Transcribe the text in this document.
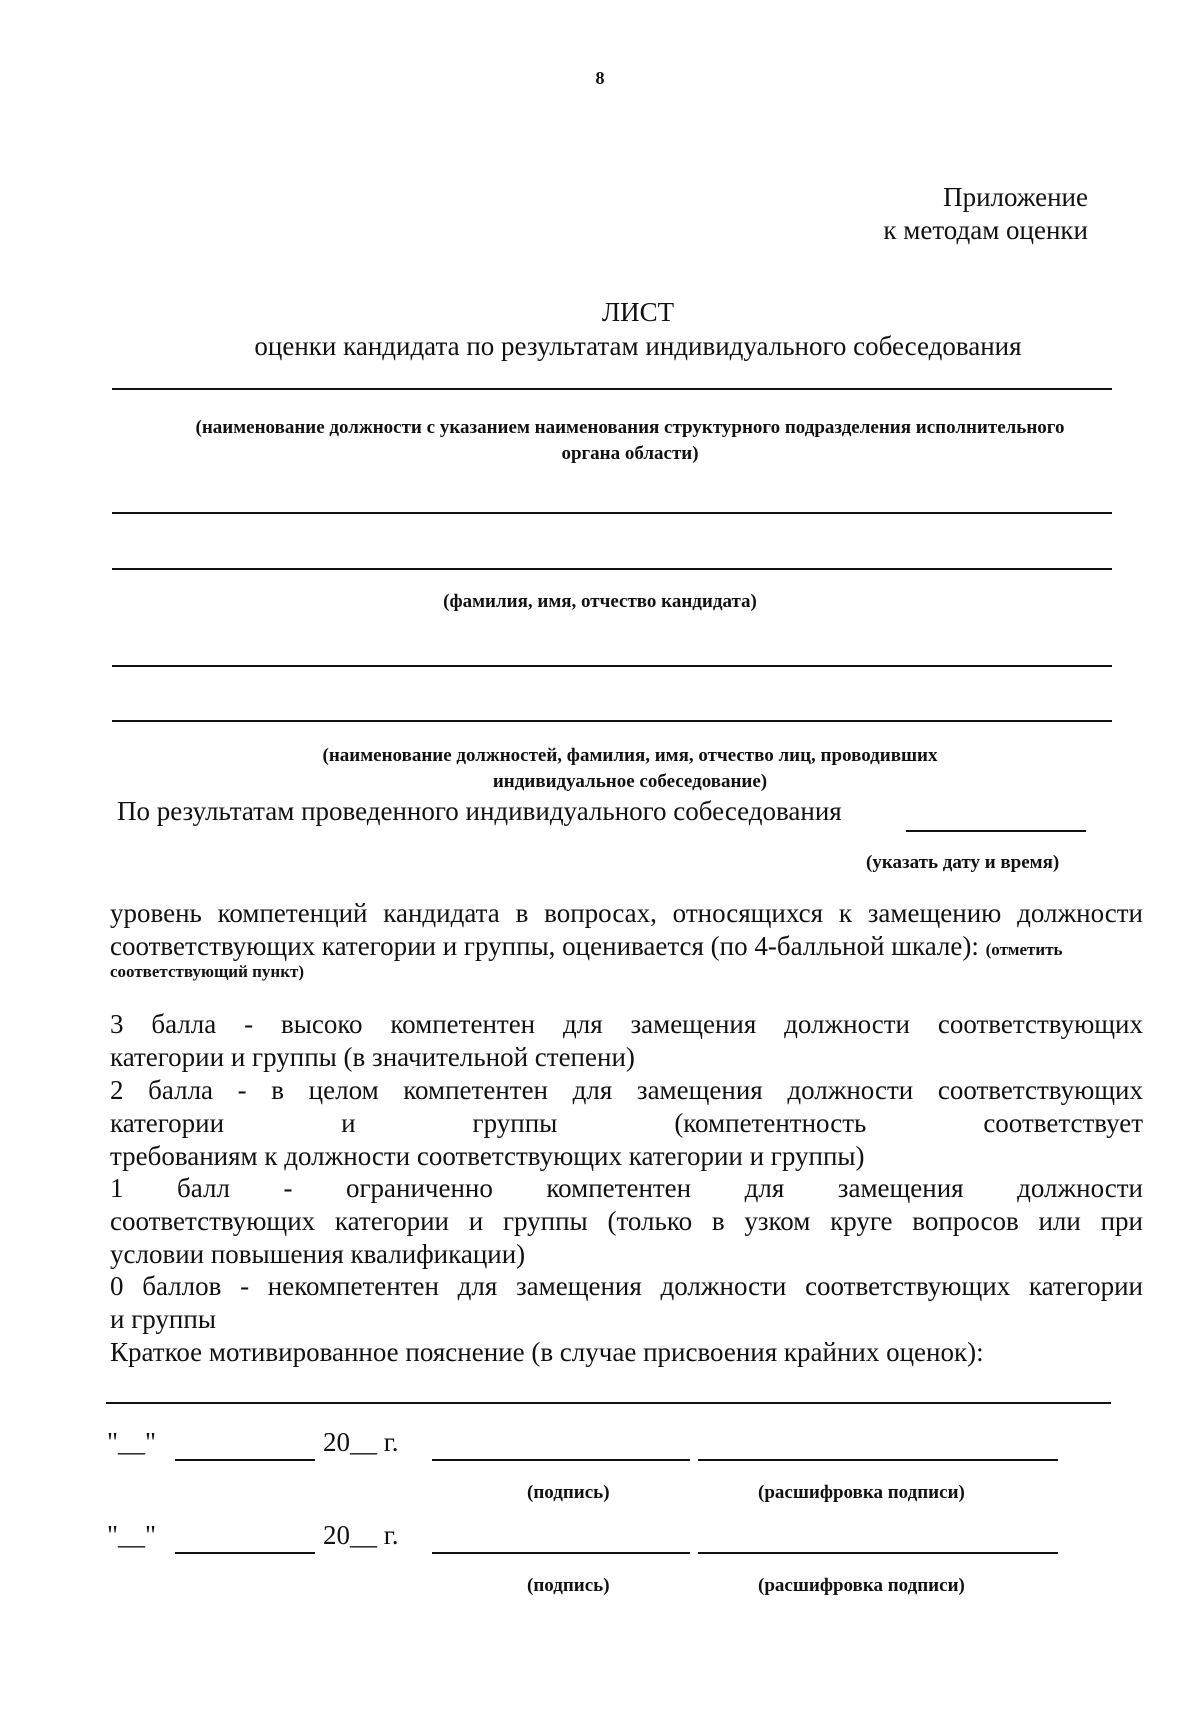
8
Приложение
к методам оценки
ЛИСТ
оценки кандидата по результатам индивидуального собеседования
(наименование должности с указанием наименования структурного подразделения исполнительного
органа области)
(фамилия, имя, отчество кандидата)
(наименование должностей, фамилия, имя, отчество лиц, проводивших
индивидуальное собеседование)
По результатам проведенного индивидуального собеседования
(указать дату и время)
уровень компетенций кандидата в вопросах, относящихся к замещению должности
соответствующих категории и группы, оценивается (по 4-балльной шкале): (отметить
соответствующий пункт)
3 балла - высоко компетентен для замещения должности соответствующих
категории и группы (в значительной степени)
2 балла - в целом компетентен для замещения должности соответствующих
категории и группы (компетентность соответствует
требованиям к должности соответствующих категории и группы)
1 балл - ограниченно компетентен для замещения должности
соответствующих категории и группы (только в узком круге вопросов или при
условии повышения квалификации)
0 баллов - некомпетентен для замещения должности соответствующих категории
и группы
Краткое мотивированное пояснение (в случае присвоения крайних оценок):
"__"	20__ г.
(подпись)	(расшифровка подписи)
"__"	20__ г.
(подпись)	(расшифровка подписи)
